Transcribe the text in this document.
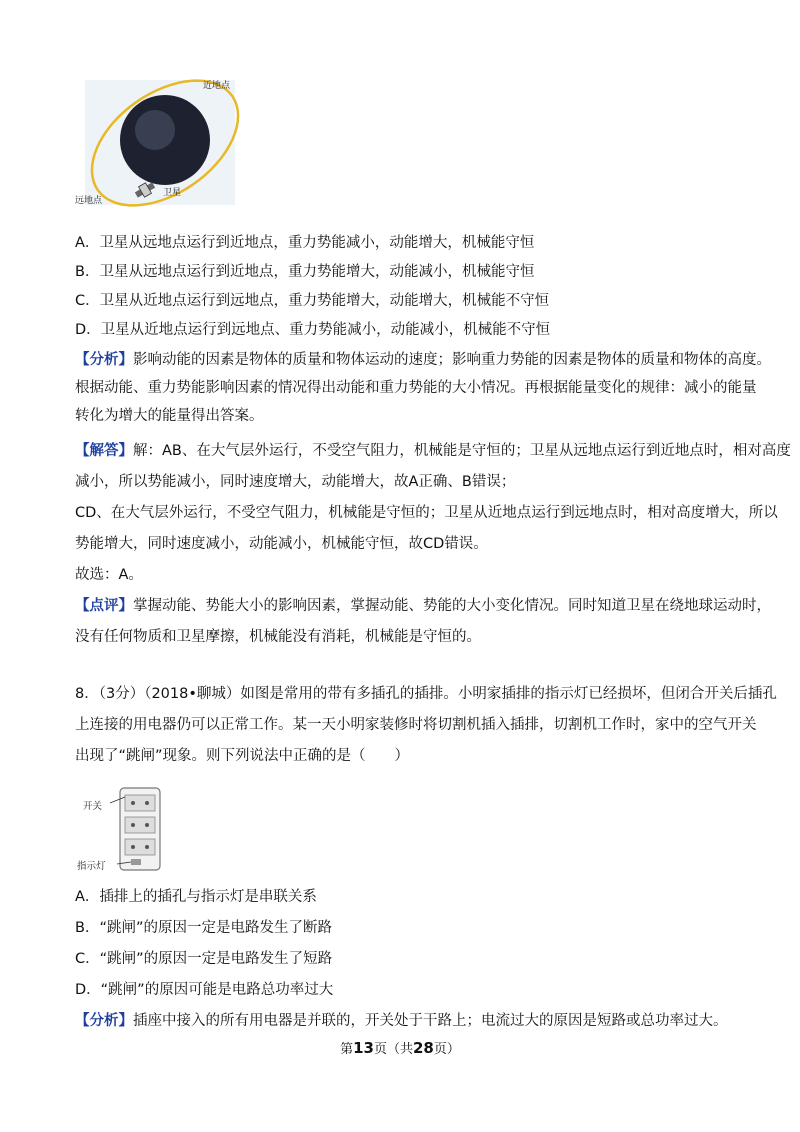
近地点
远地点
卫星
A．卫星从远地点运行到近地点，重力势能减小，动能增大，机械能守恒
B．卫星从远地点运行到近地点，重力势能增大，动能减小，机械能守恒
C．卫星从近地点运行到远地点，重力势能增大，动能增大，机械能不守恒
D．卫星从近地点运行到远地点、重力势能减小，动能减小，机械能不守恒
【分析】影响动能的因素是物体的质量和物体运动的速度；影响重力势能的因素是物体的质量和物体的高度。
根据动能、重力势能影响因素的情况得出动能和重力势能的大小情况。再根据能量变化的规律：减小的能量
转化为增大的能量得出答案。
【解答】解：AB、在大气层外运行，不受空气阻力，机械能是守恒的；卫星从远地点运行到近地点时，相对高度
减小，所以势能减小，同时速度增大，动能增大，故A正确、B错误；
CD、在大气层外运行，不受空气阻力，机械能是守恒的；卫星从近地点运行到远地点时，相对高度增大，所以
势能增大，同时速度减小，动能减小，机械能守恒，故CD错误。
故选：A。
【点评】掌握动能、势能大小的影响因素，掌握动能、势能的大小变化情况。同时知道卫星在绕地球运动时，
没有任何物质和卫星摩擦，机械能没有消耗，机械能是守恒的。
8．（3分）（2018•聊城）如图是常用的带有多插孔的插排。小明家插排的指示灯已经损坏，但闭合开关后插孔
上连接的用电器仍可以正常工作。某一天小明家装修时将切割机插入插排，切割机工作时，家中的空气开关
出现了“跳闸”现象。则下列说法中正确的是（　　）
开关
指示灯
A．插排上的插孔与指示灯是串联关系
B．“跳闸”的原因一定是电路发生了断路
C．“跳闸”的原因一定是电路发生了短路
D．“跳闸”的原因可能是电路总功率过大
【分析】插座中接入的所有用电器是并联的，开关处于干路上；电流过大的原因是短路或总功率过大。
第13页（共28页）
